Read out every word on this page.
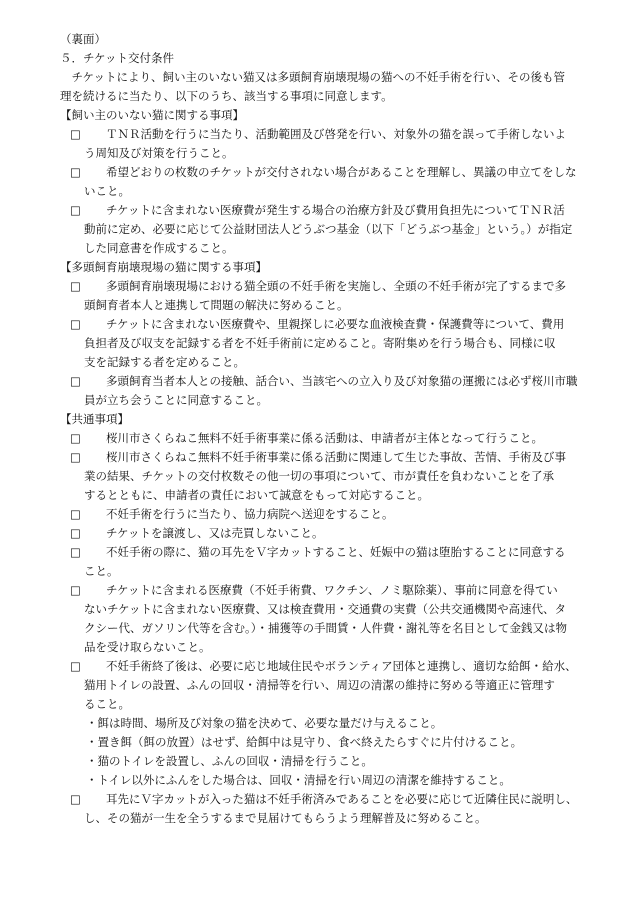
（裏面）
５．チケット交付条件
　チケットにより、飼い主のいない猫又は多頭飼育崩壊現場の猫への不妊手術を行い、その後も管
理を続けるに当たり、以下のうち、該当する事項に同意します。
【飼い主のいない猫に関する事項】
□	ＴＮＲ活動を行うに当たり、活動範囲及び啓発を行い、対象外の猫を誤って手術しないよ
う周知及び対策を行うこと。
□	希望どおりの枚数のチケットが交付されない場合があることを理解し、異議の申立てをしな
いこと。
□	チケットに含まれない医療費が発生する場合の治療方針及び費用負担先についてＴＮＲ活
動前に定め、必要に応じて公益財団法人どうぶつ基金（以下「どうぶつ基金」という。）が指定
した同意書を作成すること。
【多頭飼育崩壊現場の猫に関する事項】
□	多頭飼育崩壊現場における猫全頭の不妊手術を実施し、全頭の不妊手術が完了するまで多
頭飼育者本人と連携して問題の解決に努めること。
□	チケットに含まれない医療費や、里親探しに必要な血液検査費・保護費等について、費用
負担者及び収支を記録する者を不妊手術前に定めること。寄附集めを行う場合も、同様に収
支を記録する者を定めること。
□	多頭飼育当者本人との接触、話合い、当該宅への立入り及び対象猫の運搬には必ず桜川市職
員が立ち会うことに同意すること。
【共通事項】
□	桜川市さくらねこ無料不妊手術事業に係る活動は、申請者が主体となって行うこと。
□	桜川市さくらねこ無料不妊手術事業に係る活動に関連して生じた事故、苦情、手術及び事
業の結果、チケットの交付枚数その他一切の事項について、市が責任を負わないことを了承
するとともに、申請者の責任において誠意をもって対応すること。
□	不妊手術を行うに当たり、協力病院へ送迎をすること。
□	チケットを譲渡し、又は売買しないこと。
□	不妊手術の際に、猫の耳先をＶ字カットすること、妊娠中の猫は堕胎することに同意する
こと。
□	チケットに含まれる医療費（不妊手術費、ワクチン、ノミ駆除薬）、事前に同意を得てい
ないチケットに含まれない医療費、又は検査費用・交通費の実費（公共交通機関や高速代、タ
クシー代、ガソリン代等を含む。）・捕獲等の手間賃・人件費・謝礼等を名目として金銭又は物
品を受け取らないこと。
□	不妊手術終了後は、必要に応じ地域住民やボランティア団体と連携し、適切な給餌・給水、
猫用トイレの設置、ふんの回収・清掃等を行い、周辺の清潔の維持に努める等適正に管理す
ること。
・餌は時間、場所及び対象の猫を決めて、必要な量だけ与えること。
・置き餌（餌の放置）はせず、給餌中は見守り、食べ終えたらすぐに片付けること。
・猫のトイレを設置し、ふんの回収・清掃を行うこと。
・トイレ以外にふんをした場合は、回収・清掃を行い周辺の清潔を維持すること。
□	耳先にＶ字カットが入った猫は不妊手術済みであることを必要に応じて近隣住民に説明し、
し、その猫が一生を全うするまで見届けてもらうよう理解普及に努めること。
